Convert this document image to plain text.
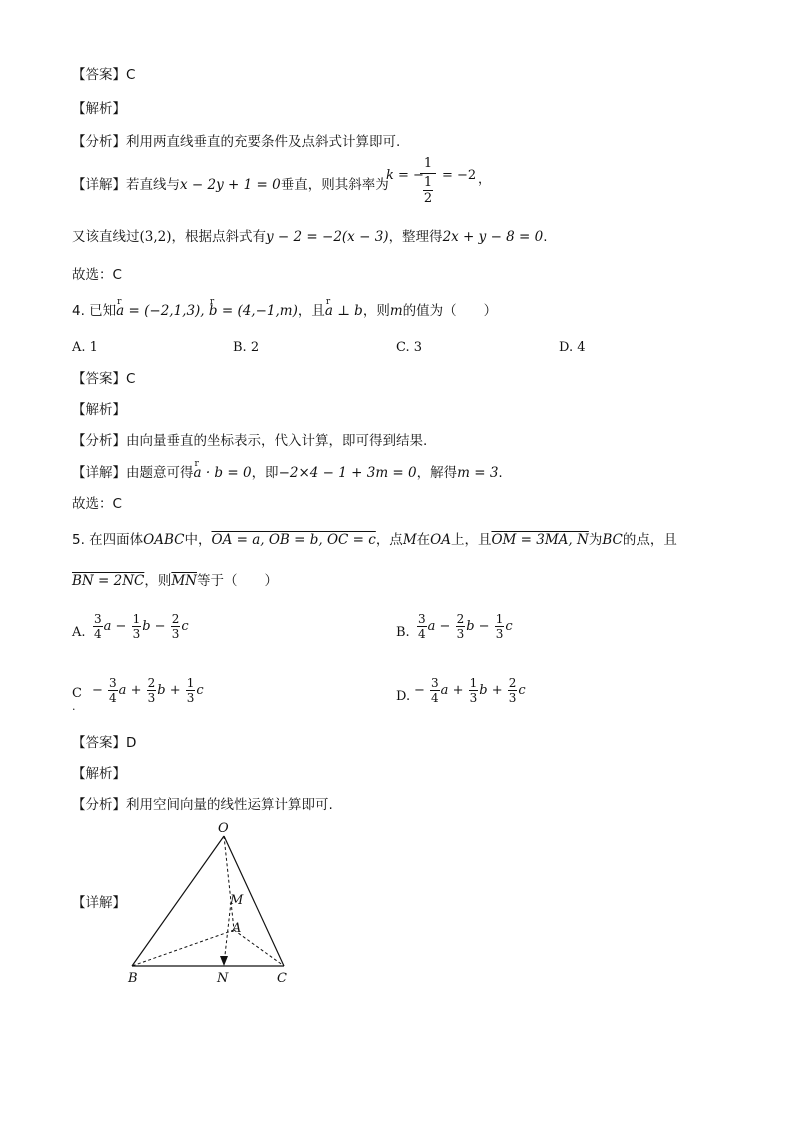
【答案】C
【解析】
【分析】利用两直线垂直的充要条件及点斜式计算即可.
【详解】若直线与x − 2y + 1 = 0垂直，则其斜率为
k = −
1
1
2
= −2 ，
又该直线过(3,2)，根据点斜式有y − 2 = −2(x − 3)，整理得2x + y − 8 = 0.
故选：C
4. 已知r a = (−2,1,3), r b = (4,−1,m)，且r a ⊥ b，则m的值为（　　）
A. 1	B. 2	C. 3	D. 4
【答案】C
【解析】
【分析】由向量垂直的坐标表示，代入计算，即可得到结果.
【详解】由题意可得r a · b = 0，即−2×4 − 1 + 3m = 0，解得m = 3.
故选：C
5. 在四面体OABC中，OA = a, OB = b, OC = c，点M在OA上，且OM = 3MA, N为BC的点，且
BN = 2NC，则$\overline{MN}$等于（　　）
A. $\frac{3}{4}$ $a - \frac{1}{3}$ $b - \frac{2}{3}$ c	B. $\frac{3}{4}$ $a - \frac{2}{3}$ $b - \frac{1}{3}$ c
C
.
− $\frac{3}{4}$ $a + \frac{2}{3}$ $b + \frac{1}{3}$ c	D. − $\frac{3}{4}$ $a + \frac{1}{3}$ $b + \frac{2}{3}$ c
【答案】D
【解析】
【分析】利用空间向量的线性运算计算即可.
【详解】
O
M
A
B	N	C
